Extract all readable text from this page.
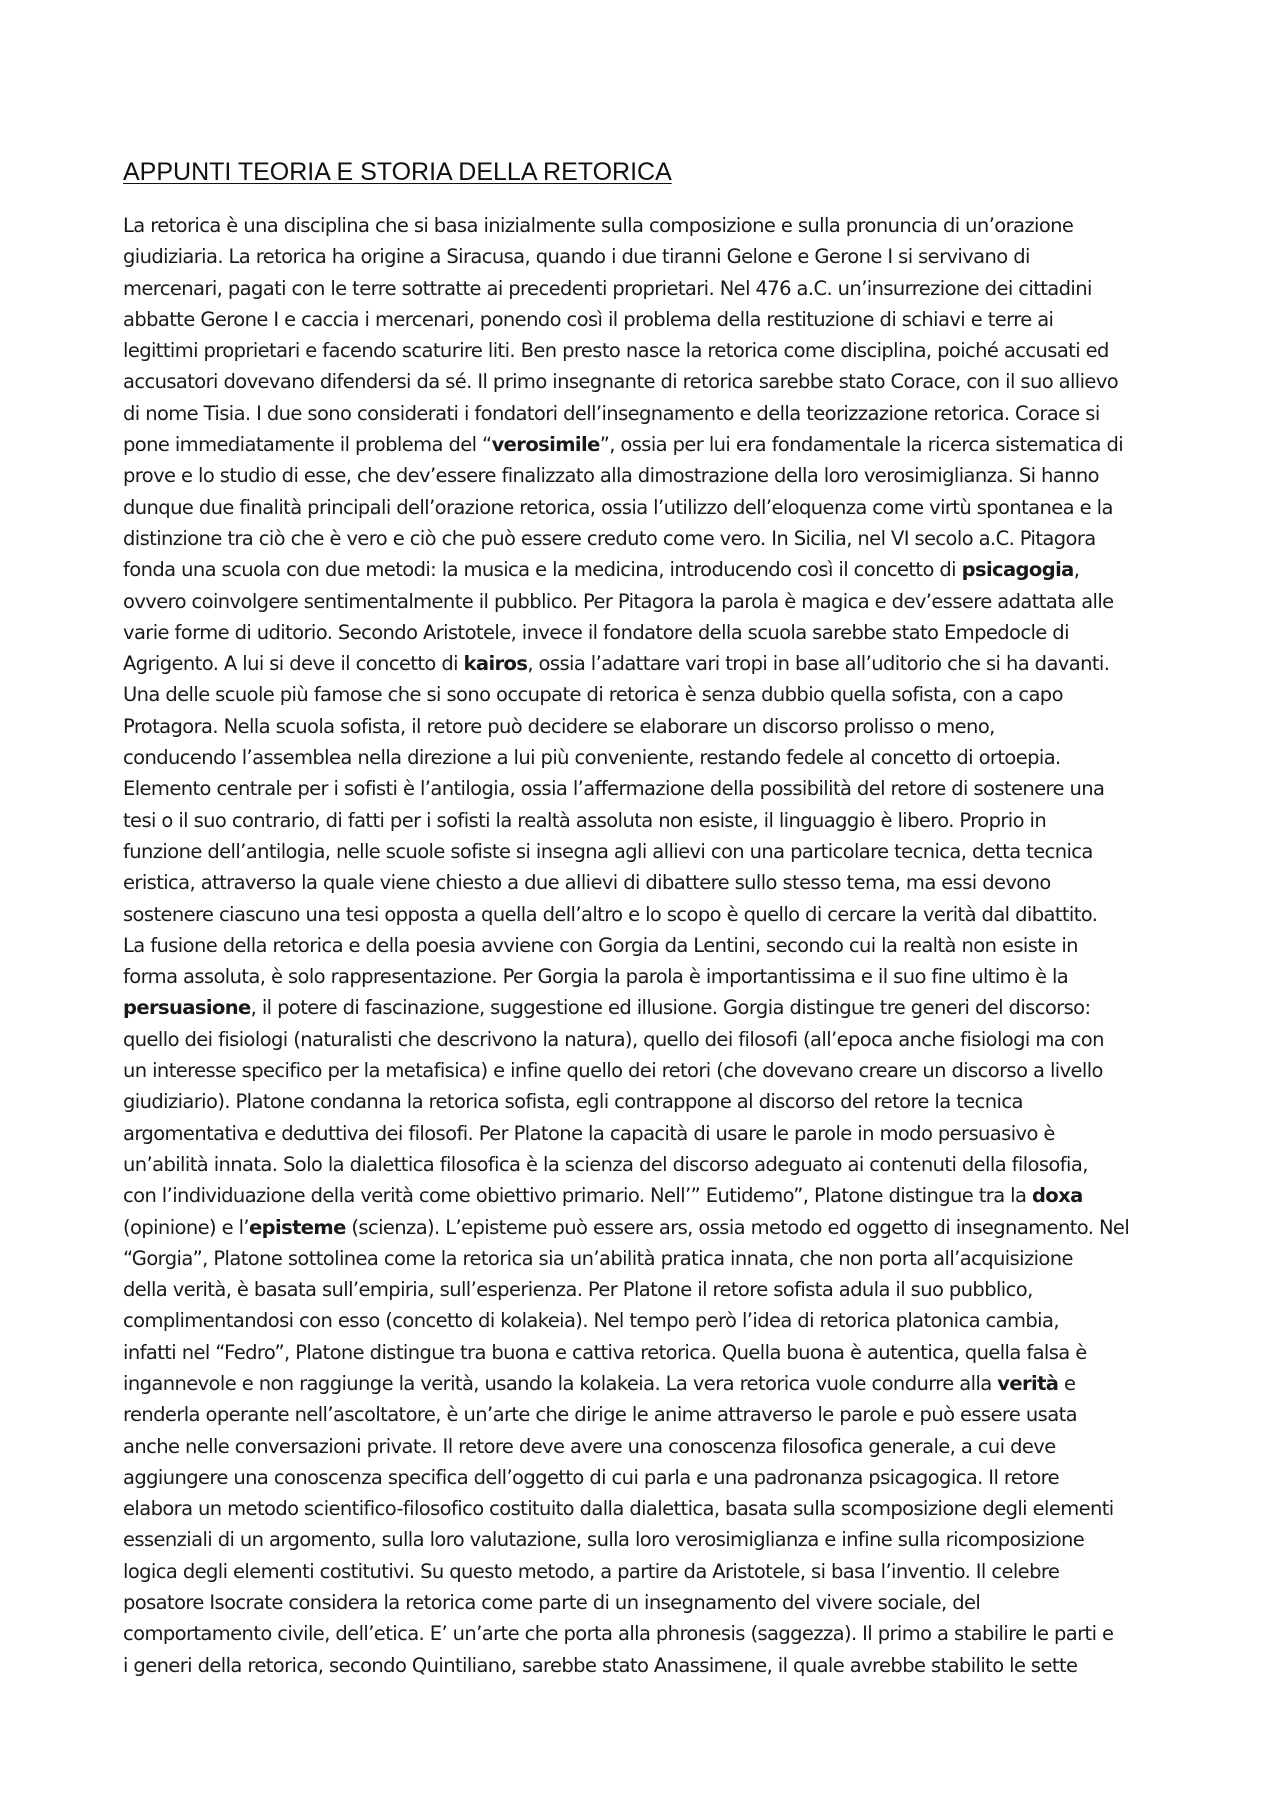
APPUNTI TEORIA E STORIA DELLA RETORICA
La retorica è una disciplina che si basa inizialmente sulla composizione e sulla pronuncia di un’orazione
giudiziaria. La retorica ha origine a Siracusa, quando i due tiranni Gelone e Gerone I si servivano di
mercenari, pagati con le terre sottratte ai precedenti proprietari. Nel 476 a.C. un’insurrezione dei cittadini
abbatte Gerone I e caccia i mercenari, ponendo così il problema della restituzione di schiavi e terre ai
legittimi proprietari e facendo scaturire liti. Ben presto nasce la retorica come disciplina, poiché accusati ed
accusatori dovevano difendersi da sé. Il primo insegnante di retorica sarebbe stato Corace, con il suo allievo
di nome Tisia. I due sono considerati i fondatori dell’insegnamento e della teorizzazione retorica. Corace si
pone immediatamente il problema del “verosimile”, ossia per lui era fondamentale la ricerca sistematica di
prove e lo studio di esse, che dev’essere finalizzato alla dimostrazione della loro verosimiglianza. Si hanno
dunque due finalità principali dell’orazione retorica, ossia l’utilizzo dell’eloquenza come virtù spontanea e la
distinzione tra ciò che è vero e ciò che può essere creduto come vero. In Sicilia, nel VI secolo a.C. Pitagora
fonda una scuola con due metodi: la musica e la medicina, introducendo così il concetto di psicagogia,
ovvero coinvolgere sentimentalmente il pubblico. Per Pitagora la parola è magica e dev’essere adattata alle
varie forme di uditorio. Secondo Aristotele, invece il fondatore della scuola sarebbe stato Empedocle di
Agrigento. A lui si deve il concetto di kairos, ossia l’adattare vari tropi in base all’uditorio che si ha davanti.
Una delle scuole più famose che si sono occupate di retorica è senza dubbio quella sofista, con a capo
Protagora. Nella scuola sofista, il retore può decidere se elaborare un discorso prolisso o meno,
conducendo l’assemblea nella direzione a lui più conveniente, restando fedele al concetto di ortoepia.
Elemento centrale per i sofisti è l’antilogia, ossia l’affermazione della possibilità del retore di sostenere una
tesi o il suo contrario, di fatti per i sofisti la realtà assoluta non esiste, il linguaggio è libero. Proprio in
funzione dell’antilogia, nelle scuole sofiste si insegna agli allievi con una particolare tecnica, detta tecnica
eristica, attraverso la quale viene chiesto a due allievi di dibattere sullo stesso tema, ma essi devono
sostenere ciascuno una tesi opposta a quella dell’altro e lo scopo è quello di cercare la verità dal dibattito.
La fusione della retorica e della poesia avviene con Gorgia da Lentini, secondo cui la realtà non esiste in
forma assoluta, è solo rappresentazione. Per Gorgia la parola è importantissima e il suo fine ultimo è la
persuasione, il potere di fascinazione, suggestione ed illusione. Gorgia distingue tre generi del discorso:
quello dei fisiologi (naturalisti che descrivono la natura), quello dei filosofi (all’epoca anche fisiologi ma con
un interesse specifico per la metafisica) e infine quello dei retori (che dovevano creare un discorso a livello
giudiziario). Platone condanna la retorica sofista, egli contrappone al discorso del retore la tecnica
argomentativa e deduttiva dei filosofi. Per Platone la capacità di usare le parole in modo persuasivo è
un’abilità innata. Solo la dialettica filosofica è la scienza del discorso adeguato ai contenuti della filosofia,
con l’individuazione della verità come obiettivo primario. Nell’” Eutidemo”, Platone distingue tra la doxa
(opinione) e l’episteme (scienza). L’episteme può essere ars, ossia metodo ed oggetto di insegnamento. Nel
“Gorgia”, Platone sottolinea come la retorica sia un’abilità pratica innata, che non porta all’acquisizione
della verità, è basata sull’empiria, sull’esperienza. Per Platone il retore sofista adula il suo pubblico,
complimentandosi con esso (concetto di kolakeia). Nel tempo però l’idea di retorica platonica cambia,
infatti nel “Fedro”, Platone distingue tra buona e cattiva retorica. Quella buona è autentica, quella falsa è
ingannevole e non raggiunge la verità, usando la kolakeia. La vera retorica vuole condurre alla verità e
renderla operante nell’ascoltatore, è un’arte che dirige le anime attraverso le parole e può essere usata
anche nelle conversazioni private. Il retore deve avere una conoscenza filosofica generale, a cui deve
aggiungere una conoscenza specifica dell’oggetto di cui parla e una padronanza psicagogica. Il retore
elabora un metodo scientifico-filosofico costituito dalla dialettica, basata sulla scomposizione degli elementi
essenziali di un argomento, sulla loro valutazione, sulla loro verosimiglianza e infine sulla ricomposizione
logica degli elementi costitutivi. Su questo metodo, a partire da Aristotele, si basa l’inventio. Il celebre
posatore Isocrate considera la retorica come parte di un insegnamento del vivere sociale, del
comportamento civile, dell’etica. E’ un’arte che porta alla phronesis (saggezza). Il primo a stabilire le parti e
i generi della retorica, secondo Quintiliano, sarebbe stato Anassimene, il quale avrebbe stabilito le sette
